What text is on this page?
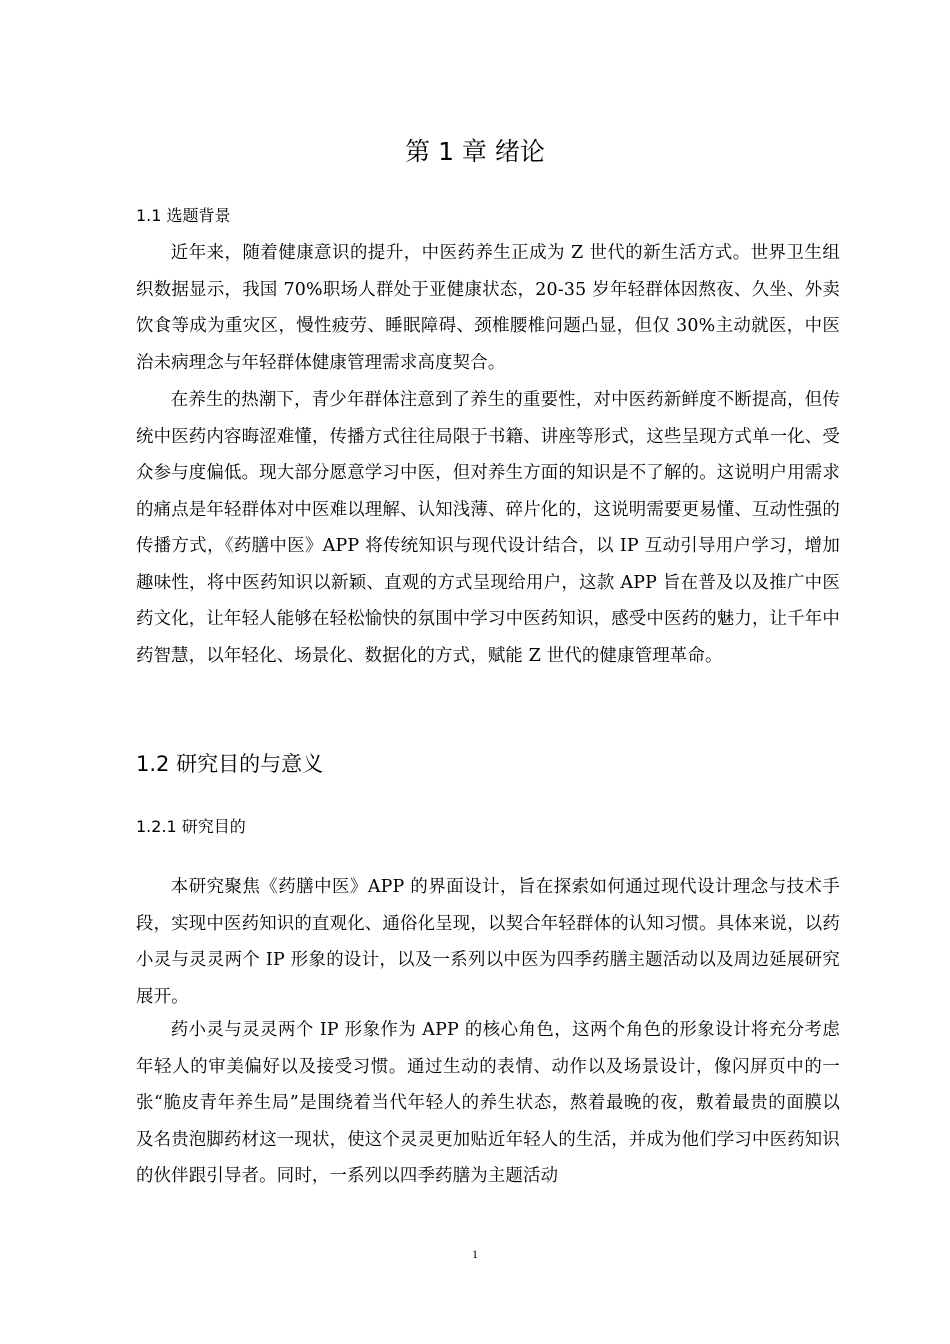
第 1 章 绪论
1.1 选题背景

近年来，随着健康意识的提升，中医药养生正成为 Z 世代的新生活方式。世界卫生组织数据显示，我国 70%职场人群处于亚健康状态，20-35 岁年轻群体因熬夜、久坐、外卖饮食等成为重灾区，慢性疲劳、睡眠障碍、颈椎腰椎问题凸显，但仅 30%主动就医，中医治未病理念与年轻群体健康管理需求高度契合。

在养生的热潮下，青少年群体注意到了养生的重要性，对中医药新鲜度不断提高，但传统中医药内容晦涩难懂，传播方式往往局限于书籍、讲座等形式，这些呈现方式单一化、受众参与度偏低。现大部分愿意学习中医，但对养生方面的知识是不了解的。这说明户用需求的痛点是年轻群体对中医难以理解、认知浅薄、碎片化的，这说明需要更易懂、互动性强的传播方式，《药膳中医》APP 将传统知识与现代设计结合，以 IP 互动引导用户学习，增加趣味性，将中医药知识以新颖、直观的方式呈现给用户，这款 APP 旨在普及以及推广中医药文化，让年轻人能够在轻松愉快的氛围中学习中医药知识，感受中医药的魅力，让千年中药智慧，以年轻化、场景化、数据化的方式，赋能 Z 世代的健康管理革命。

1.2 研究目的与意义
1.2.1 研究目的

本研究聚焦《药膳中医》APP 的界面设计，旨在探索如何通过现代设计理念与技术手段，实现中医药知识的直观化、通俗化呈现，以契合年轻群体的认知习惯。具体来说，以药小灵与灵灵两个 IP 形象的设计，以及一系列以中医为四季药膳主题活动以及周边延展研究展开。

药小灵与灵灵两个 IP 形象作为 APP 的核心角色，这两个角色的形象设计将充分考虑年轻人的审美偏好以及接受习惯。通过生动的表情、动作以及场景设计，像闪屏页中的一张“脆皮青年养生局”是围绕着当代年轻人的养生状态，熬着最晚的夜，敷着最贵的面膜以及名贵泡脚药材这一现状，使这个灵灵更加贴近年轻人的生活，并成为他们学习中医药知识的伙伴跟引导者。同时，一系列以四季药膳为主题活动

1
